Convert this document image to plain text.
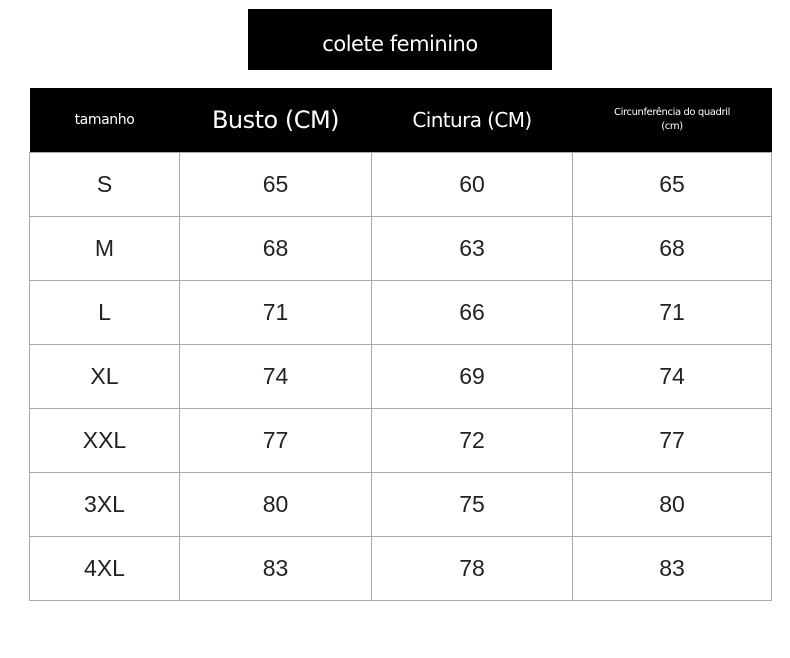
colete feminino
tamanho	Busto (CM)	Cintura (CM)	Circunferência do quadril
(cm)
S	65	60	65
M	68	63	68
L	71	66	71
XL	74	69	74
XXL	77	72	77
3XL	80	75	80
4XL	83	78	83
